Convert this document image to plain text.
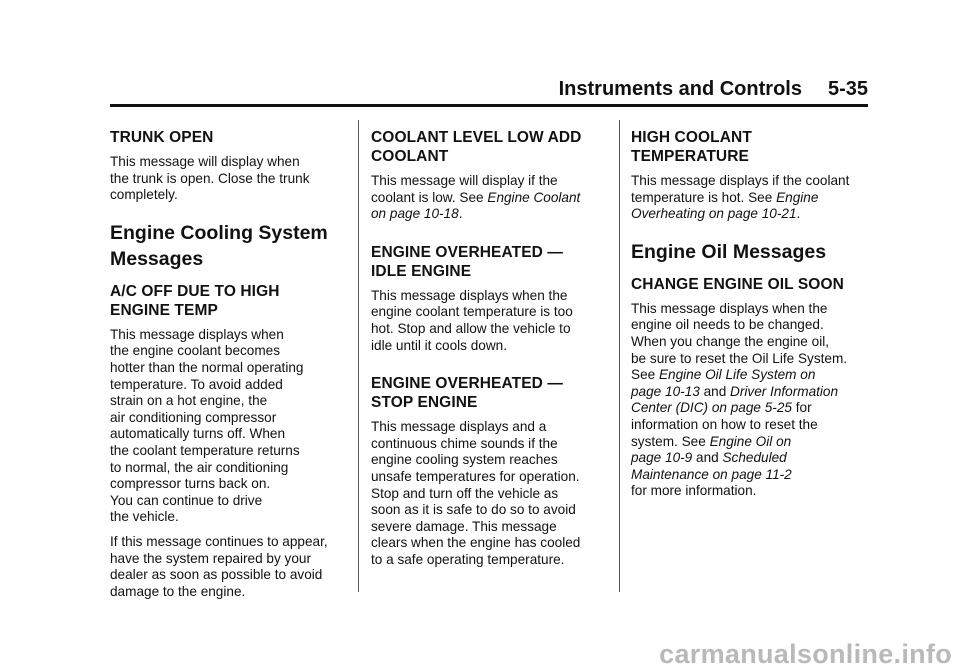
Instruments and Controls 5-35
TRUNK OPEN

This message will display when
the trunk is open. Close the trunk
completely.

Engine Cooling System
Messages
A/C OFF DUE TO HIGH
ENGINE TEMP

This message displays when
the engine coolant becomes
hotter than the normal operating
temperature. To avoid added
strain on a hot engine, the
air conditioning compressor
automatically turns off. When
the coolant temperature returns
to normal, the air conditioning
compressor turns back on.
You can continue to drive
the vehicle.

If this message continues to appear,
have the system repaired by your
dealer as soon as possible to avoid
damage to the engine.

COOLANT LEVEL LOW ADD
COOLANT

This message will display if the
coolant is low. See Engine Coolant
on page 10-18.

ENGINE OVERHEATED —
IDLE ENGINE

This message displays when the
engine coolant temperature is too
hot. Stop and allow the vehicle to
idle until it cools down.

ENGINE OVERHEATED —
STOP ENGINE

This message displays and a
continuous chime sounds if the
engine cooling system reaches
unsafe temperatures for operation.
Stop and turn off the vehicle as
soon as it is safe to do so to avoid
severe damage. This message
clears when the engine has cooled
to a safe operating temperature.

HIGH COOLANT
TEMPERATURE

This message displays if the coolant
temperature is hot. See Engine
Overheating on page 10-21.

Engine Oil Messages
CHANGE ENGINE OIL SOON

This message displays when the
engine oil needs to be changed.
When you change the engine oil,
be sure to reset the Oil Life System.
See Engine Oil Life System on
page 10-13 and Driver Information
Center (DIC) on page 5-25 for
information on how to reset the
system. See Engine Oil on
page 10-9 and Scheduled
Maintenance on page 11-2
for more information.

carmanualsonline.info
